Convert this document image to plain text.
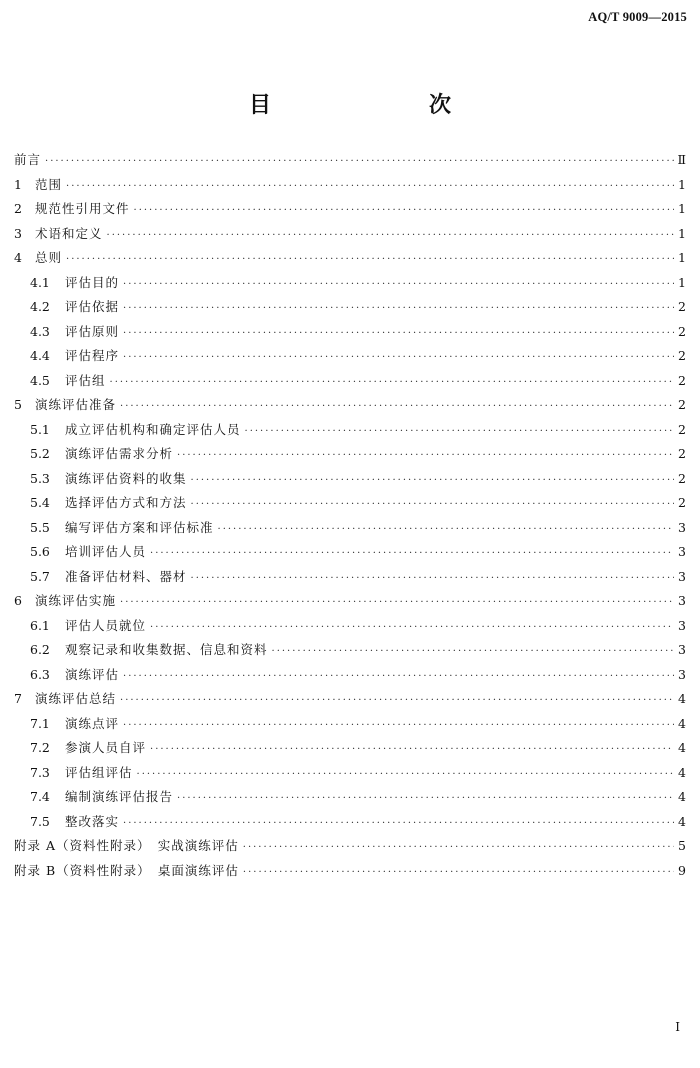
AQ/T 9009—2015
目　　次
前言 ·····	Ⅱ
1	范围 ·····	1
2	规范性引用文件 ·····	1
3	术语和定义 ·····	1
4	总则 ·····	1
4.1	评估目的 ·····	1
4.2	评估依据 ·····	2
4.3	评估原则 ·····	2
4.4	评估程序 ·····	2
4.5	评估组 ·····	2
5	演练评估准备 ·····	2
5.1	成立评估机构和确定评估人员 ·····	2
5.2	演练评估需求分析 ·····	2
5.3	演练评估资料的收集 ·····	2
5.4	选择评估方式和方法 ·····	2
5.5	编写评估方案和评估标准 ·····	3
5.6	培训评估人员 ·····	3
5.7	准备评估材料、器材 ·····	3
6	演练评估实施 ·····	3
6.1	评估人员就位 ·····	3
6.2	观察记录和收集数据、信息和资料 ·····	3
6.3	演练评估 ·····	3
7	演练评估总结 ·····	4
7.1	演练点评 ·····	4
7.2	参演人员自评 ·····	4
7.3	评估组评估 ·····	4
7.4	编制演练评估报告 ·····	4
7.5	整改落实 ·····	4
附录 A（资料性附录）　实战演练评估 ·····	5
附录 B（资料性附录）　桌面演练评估 ·····	9
I
